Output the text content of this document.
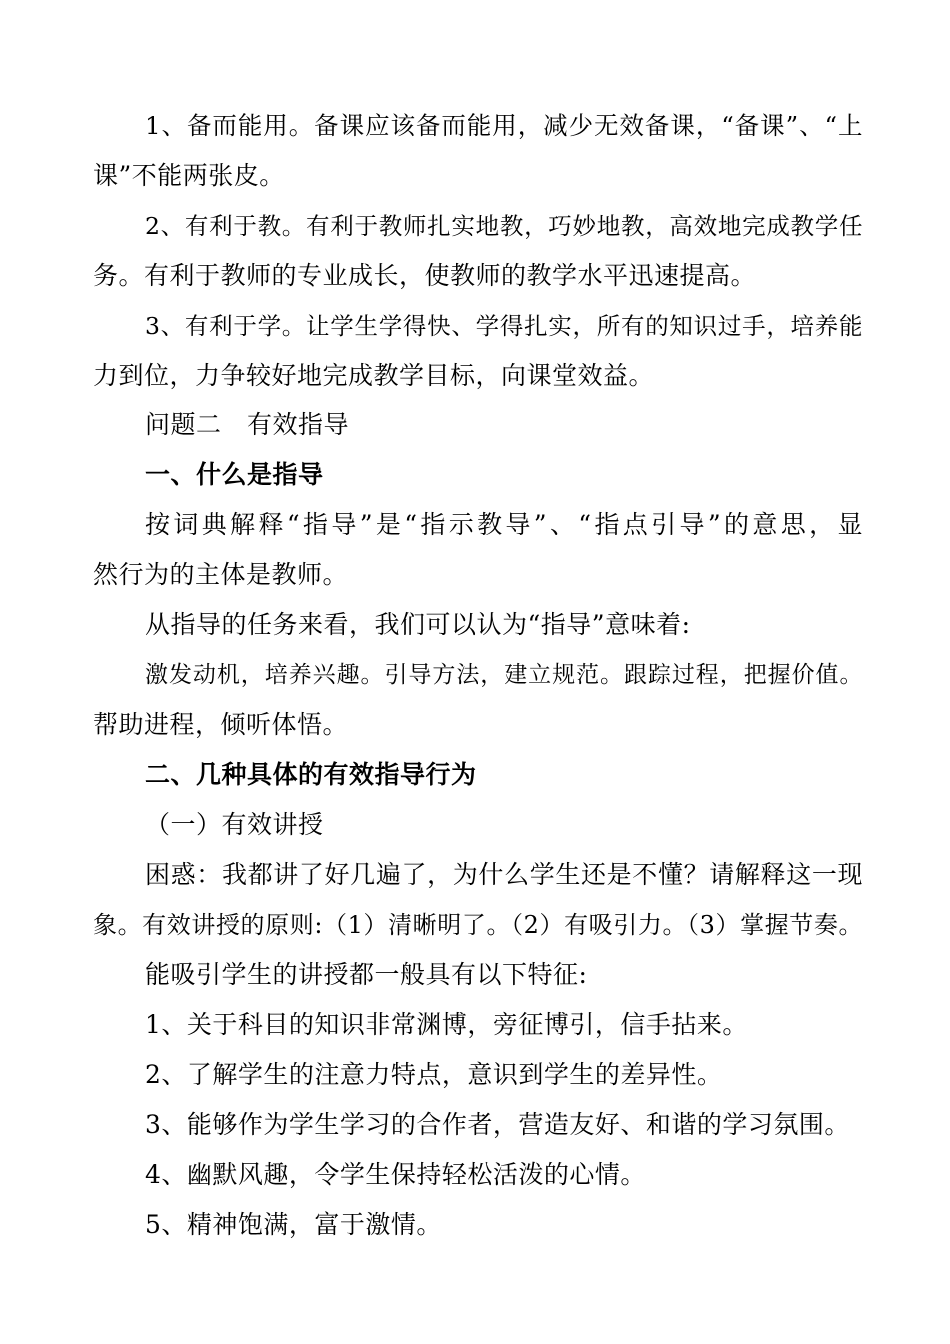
1、备而能用。备课应该备而能用，减少无效备课，“备课”、“上
课”不能两张皮。
2、有利于教。有利于教师扎实地教，巧妙地教，高效地完成教学任
务。有利于教师的专业成长，使教师的教学水平迅速提高。
3、有利于学。让学生学得快、学得扎实，所有的知识过手，培养能
力到位，力争较好地完成教学目标，向课堂效益。
问题二　有效指导
一、什么是指导
按词典解释“指导”是“指示教导”、“指点引导”的意思，显
然行为的主体是教师。
从指导的任务来看，我们可以认为“指导”意味着:
激发动机，培养兴趣。引导方法，建立规范。跟踪过程，把握价值。
帮助进程，倾听体悟。
二、几种具体的有效指导行为
（一）有效讲授
困惑：我都讲了好几遍了，为什么学生还是不懂？请解释这一现
象。有效讲授的原则:（1）清晰明了。（2）有吸引力。（3）掌握节奏。
能吸引学生的讲授都一般具有以下特征:
1、关于科目的知识非常渊博，旁征博引，信手拈来。
2、了解学生的注意力特点，意识到学生的差异性。
3、能够作为学生学习的合作者，营造友好、和谐的学习氛围。
4、幽默风趣，令学生保持轻松活泼的心情。
5、精神饱满，富于激情。
